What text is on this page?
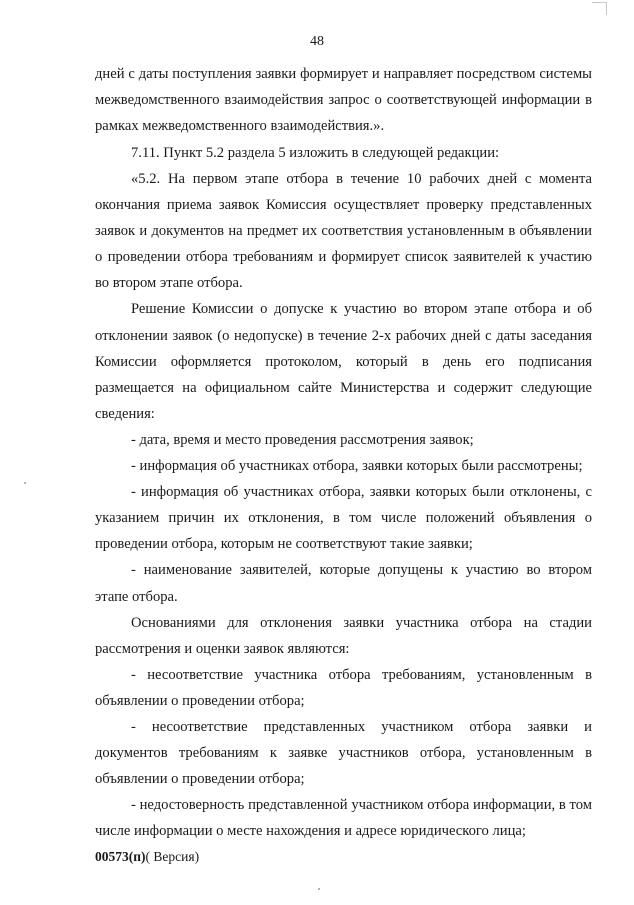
48

дней с даты поступления заявки формирует и направляет посредством системы межведомственного взаимодействия запрос о соответствующей информации в рамках межведомственного взаимодействия.».

7.11. Пункт 5.2 раздела 5 изложить в следующей редакции:

«5.2. На первом этапе отбора в течение 10 рабочих дней с момента окончания приема заявок Комиссия осуществляет проверку представленных заявок и документов на предмет их соответствия установленным в объявлении о проведении отбора требованиям и формирует список заявителей к участию во втором этапе отбора.

Решение Комиссии о допуске к участию во втором этапе отбора и об отклонении заявок (о недопуске) в течение 2-х рабочих дней с даты заседания Комиссии оформляется протоколом, который в день его подписания размещается на официальном сайте Министерства и содержит следующие сведения:

- дата, время и место проведения рассмотрения заявок;

- информация об участниках отбора, заявки которых были рассмотрены;

- информация об участниках отбора, заявки которых были отклонены, с указанием причин их отклонения, в том числе положений объявления о проведении отбора, которым не соответствуют такие заявки;

- наименование заявителей, которые допущены к участию во втором этапе отбора.

Основаниями для отклонения заявки участника отбора на стадии рассмотрения и оценки заявок являются:

- несоответствие участника отбора требованиям, установленным в объявлении о проведении отбора;

- несоответствие представленных участником отбора заявки и документов требованиям к заявке участников отбора, установленным в объявлении о проведении отбора;

- недостоверность представленной участником отбора информации, в том числе информации о месте нахождения и адресе юридического лица;

00573(п)( Версия)
